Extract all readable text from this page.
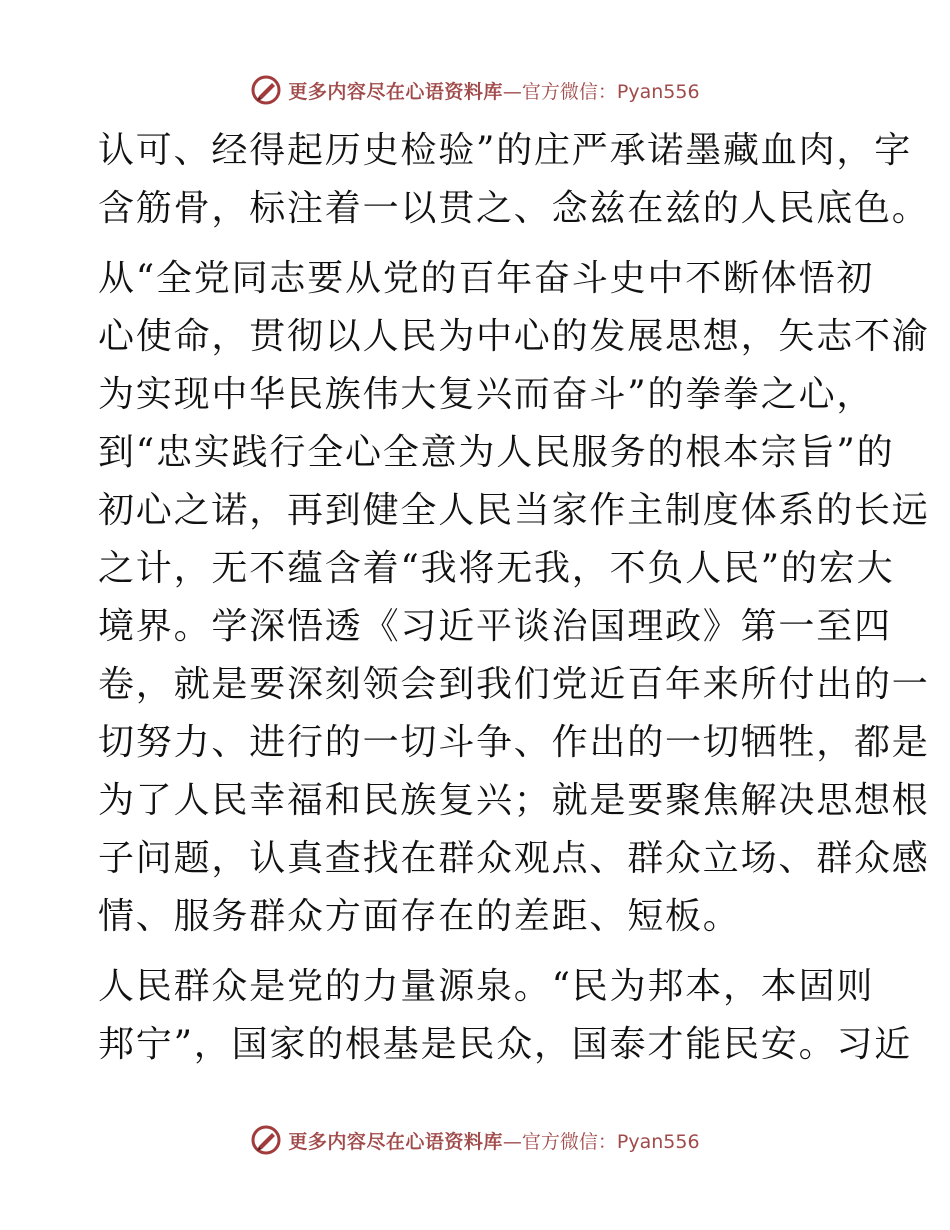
更多内容尽在心语资料库 —官方微信：Pyan556
认可、经得起历史检验”的庄严承诺墨藏血肉，字
含筋骨，标注着一以贯之、念兹在兹的人民底色。
从“全党同志要从党的百年奋斗史中不断体悟初
心使命，贯彻以人民为中心的发展思想，矢志不渝
为实现中华民族伟大复兴而奋斗”的拳拳之心，
到“忠实践行全心全意为人民服务的根本宗旨”的
初心之诺，再到健全人民当家作主制度体系的长远
之计，无不蕴含着“我将无我，不负人民”的宏大
境界。学深悟透《习近平谈治国理政》第一至四
卷，就是要深刻领会到我们党近百年来所付出的一
切努力、进行的一切斗争、作出的一切牺牲，都是
为了人民幸福和民族复兴；就是要聚焦解决思想根
子问题，认真查找在群众观点、群众立场、群众感
情、服务群众方面存在的差距、短板。
人民群众是党的力量源泉。“民为邦本，本固则
邦宁”，国家的根基是民众，国泰才能民安。习近
更多内容尽在心语资料库 —官方微信：Pyan556
